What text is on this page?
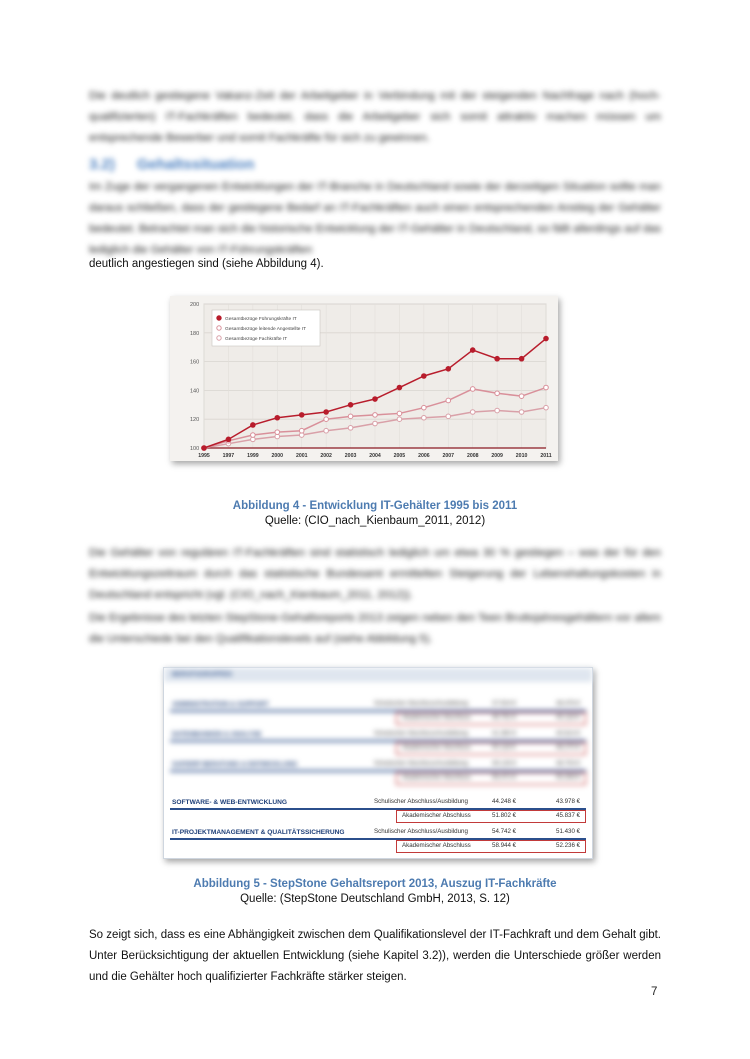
Die deutlich gestiegene Vakanz-Zeit der Arbeitgeber in Verbindung mit der steigenden Nachfrage nach (hoch-qualifizierten) IT-Fachkräften bedeutet, dass die Arbeitgeber sich somit attraktiv machen müssen um entsprechende Bewerber und somit Fachkräfte für sich zu gewinnen.
3.2) Gehaltssituation
Im Zuge der vergangenen Entwicklungen der IT-Branche in Deutschland sowie der derzeitigen Situation sollte man daraus schließen, dass der gestiegene Bedarf an IT-Fachkräften auch einen entsprechenden Anstieg der Gehälter bedeutet. Betrachtet man sich die historische Entwicklung der IT-Gehälter in Deutschland, so fällt allerdings auf das lediglich die Gehälter von IT-Führungskräften
deutlich angestiegen sind (siehe Abbildung 4).
100
120
140
160
180
200
1995 1997 1999 2000 2001 2002 2003 2004 2005 2006 2007 2008 2009 2010	2011
Gesamtbezüge Führungskräfte IT
Gesamtbezüge leitende Angestellte IT
Gesamtbezüge Fachkräfte IT
Abbildung 4 - Entwicklung IT-Gehälter 1995 bis 2011
Quelle: (CIO_nach_Kienbaum_2011, 2012)
Die Gehälter von regulären IT-Fachkräften sind statistisch lediglich um etwa 30 % gestiegen – was der für den Entwicklungszeitraum durch das statistische Bundesamt ermittelten Steigerung der Lebenshaltungskosten in Deutschland entspricht (vgl. (CIO_nach_Kienbaum_2011, 2012)).
Die Ergebnisse des letzten StepStone-Gehaltsreports 2013 zeigen neben den Teen Bruttojahresgehältern vor allem die Unterschiede bei den Qualifikationslevels auf (siehe Abbildung 5).
BERUFSGRUPPEN
ADMINISTRATION & SUPPORT	Schulischer Abschluss/Ausbildung	37.924 €	38.476 €
Akademischer Abschluss	46.752 €	45.118 €
DATENBANKEN & ANALYSE	Schulischer Abschluss/Ausbildung	41.360 €	40.814 €
Akademischer Abschluss	50.118 €	48.270 €
SAP/ERP BERATUNG & ENTWICKLUNG	Schulischer Abschluss/Ausbildung	49.126 €	48.704 €
Akademischer Abschluss	56.472 €	55.308 €
SOFTWARE- & WEB-ENTWICKLUNG	Schulischer Abschluss/Ausbildung	44.248 €	43.978 €
Akademischer Abschluss	51.802 €	45.837 €
IT-PROJEKTMANAGEMENT & QUALITÄTSSICHERUNG	Schulischer Abschluss/Ausbildung	54.742 €	51.430 €
Akademischer Abschluss	58.944 €	52.236 €
Abbildung 5 - StepStone Gehaltsreport 2013, Auszug IT-Fachkräfte
Quelle: (StepStone Deutschland GmbH, 2013, S. 12)
So zeigt sich, dass es eine Abhängigkeit zwischen dem Qualifikationslevel der IT-Fachkraft und dem Gehalt gibt. Unter Berücksichtigung der aktuellen Entwicklung (siehe Kapitel 3.2)), werden die Unterschiede größer werden und die Gehälter hoch qualifizierter Fachkräfte stärker steigen.
7
